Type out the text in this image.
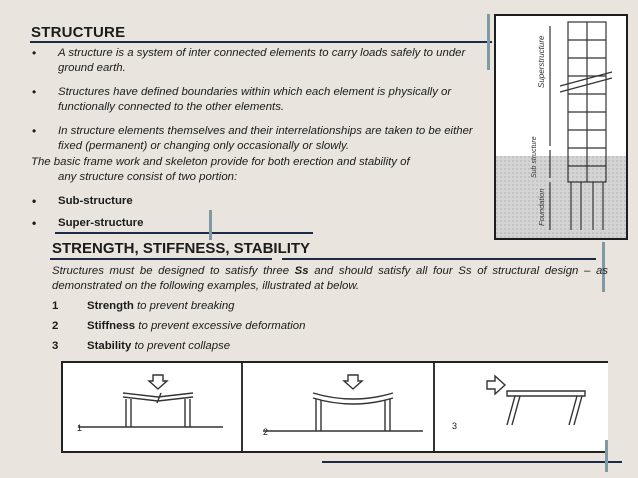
STRUCTURE
• A structure is a system of inter connected elements to carry loads safely to under ground earth.
• Structures have defined boundaries within which each element is physically or functionally connected to the other elements.
• In structure elements themselves and their interrelationships are taken to be either fixed (permanent) or changing only occasionally or slowly.
The basic frame work and skeleton provide for both erection and stability of
any structure consist of two portion:
• Sub-structure
• Super-structure
Superstructure
Sub structure
Foundation
STRENGTH, STIFFNESS, STABILITY
Structures must be designed to satisfy three Ss and should satisfy all four Ss of structural design – as demonstrated on the following examples, illustrated at below.
1	Strength to prevent breaking
2	Stiffness to prevent excessive deformation
3	Stability to prevent collapse
1	2
3
